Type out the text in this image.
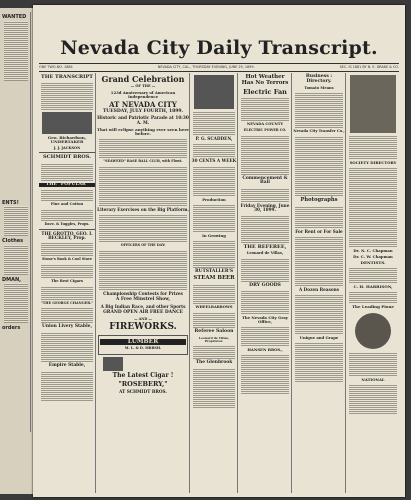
WANTED
ENTS!
Clothes
DMAN,
orders
Nevada City Daily Transcript.
ONE TWO-NO. 1884	NEVADA CITY, CAL., THURSDAY EVENING, JUNE 29, 1899.	SEC. IS 1881 BY N. E. DRAKE & CO.
THE TRANSCRIPT
Geo. Richardson, UNDERTAKER
J. J. JACKSON
SCHMIDT BROS.
THE "POPULAR"
Fine and Cotton
Dave. & Tuggles, Props.
THE GROTTO, GEO. I. BECKLEY, Prop.
Stone's Book & Cool Store
The Best Cigars
"THE GEORGE CHANGER."
Union Livery Stable,
Empire Stable,
Grand Celebration
— OF THE —
123d Anniversary of American Independence
AT NEVADA CITY
TUESDAY, JULY FOURTH, 1899.
Historic and Patriotic Parade at 10:30 A. M.
That will eclipse anything ever seen here before.
"SEAWEED" BASE BALL CLUB, with Flowt.
Literary Exercises on the Big Platform.
OFFICERS OF THE DAY:
Championship Contests for Prizes
A Free Minstrel Show,
A Big Indian Race, and other Sports
GRAND OPEN AIR FREE DANCE
— AND —
FIREWORKS.
LUMBER
M. L. & D. MRRSH.
The Latest Cigar !
"ROSEBERY,"
AT SCHMIDT BROS.
P. G. SCADDEN,
30 CENTS A WEEK
Production
In Growing
RUTSTALLER'S
STEAM BEER
WHEELBARROWS
Referee Saloon
Leonard de Villas, Proprietor.
The Glenbrook
Hot Weather Has No Terrors
Electric Fan
NEVADA COUNTY
ELECTRIC POWER CO.
Commencement & Ball
Friday Evening, June 30, 1899.
THE REFEREE,
Leonard de Villas,
DRY GOODS
The Nevada City Gray Office,
HANSEN BROS.,
Business : Directory.
Tomato Means
Nevada City Transfer Co.,
Photographs
For Rent or For Sale
A Dozen Reasons
Unique and Grape
SOCIETY DIRECTORY
Dr. N. C. Chapman
Dr. C. W. Chapman
DENTISTS.
C. H. HARRISON,
The Leading Pione
NATIONAL
